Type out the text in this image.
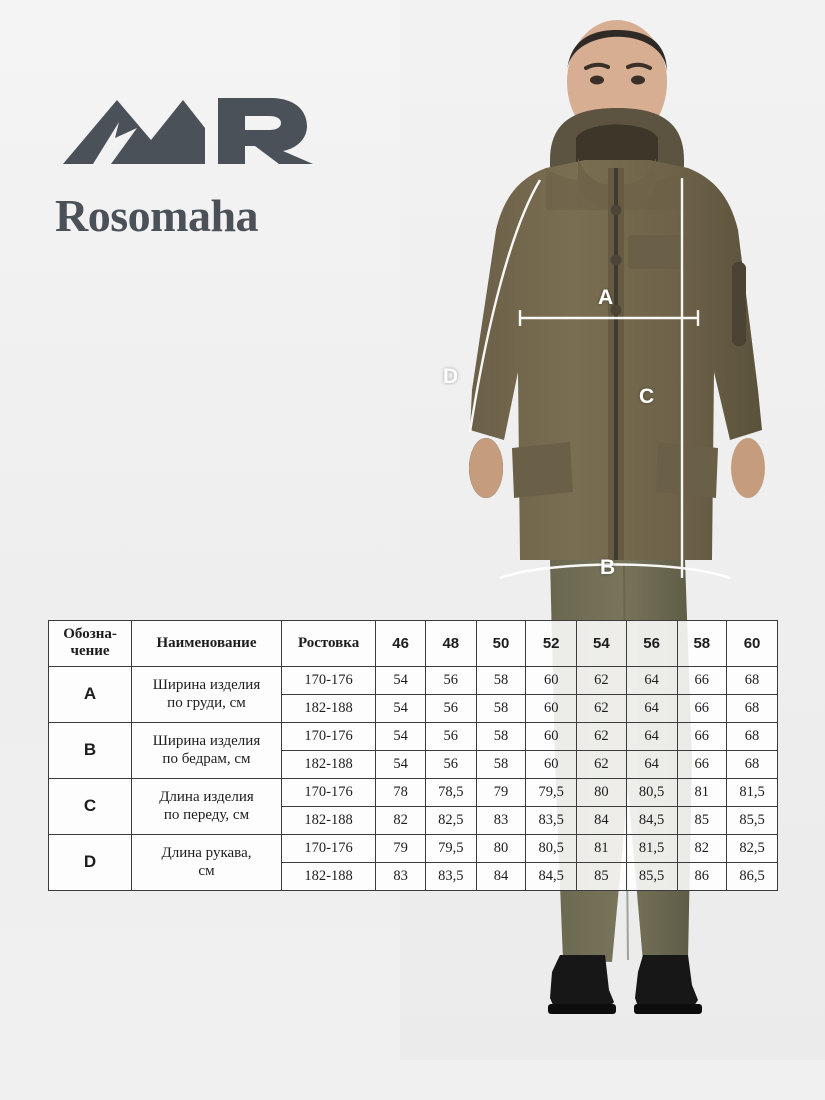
Rosomaha
A
B
C
D
Обозна-
чение	Наименование	Ростовка	46	48	50	52	54	56	58	60
A	Ширина изделия
по груди, см	170-176	54	56	58	60	62	64	66	68
		182-188	54	56	58	60	62	64	66	68
B	Ширина изделия
по бедрам, см	170-176	54	56	58	60	62	64	66	68
		182-188	54	56	58	60	62	64	66	68
C	Длина изделия
по переду, см	170-176	78	78,5	79	79,5	80	80,5	81	81,5
		182-188	82	82,5	83	83,5	84	84,5	85	85,5
D	Длина рукава,
см	170-176	79	79,5	80	80,5	81	81,5	82	82,5
		182-188	83	83,5	84	84,5	85	85,5	86	86,5
